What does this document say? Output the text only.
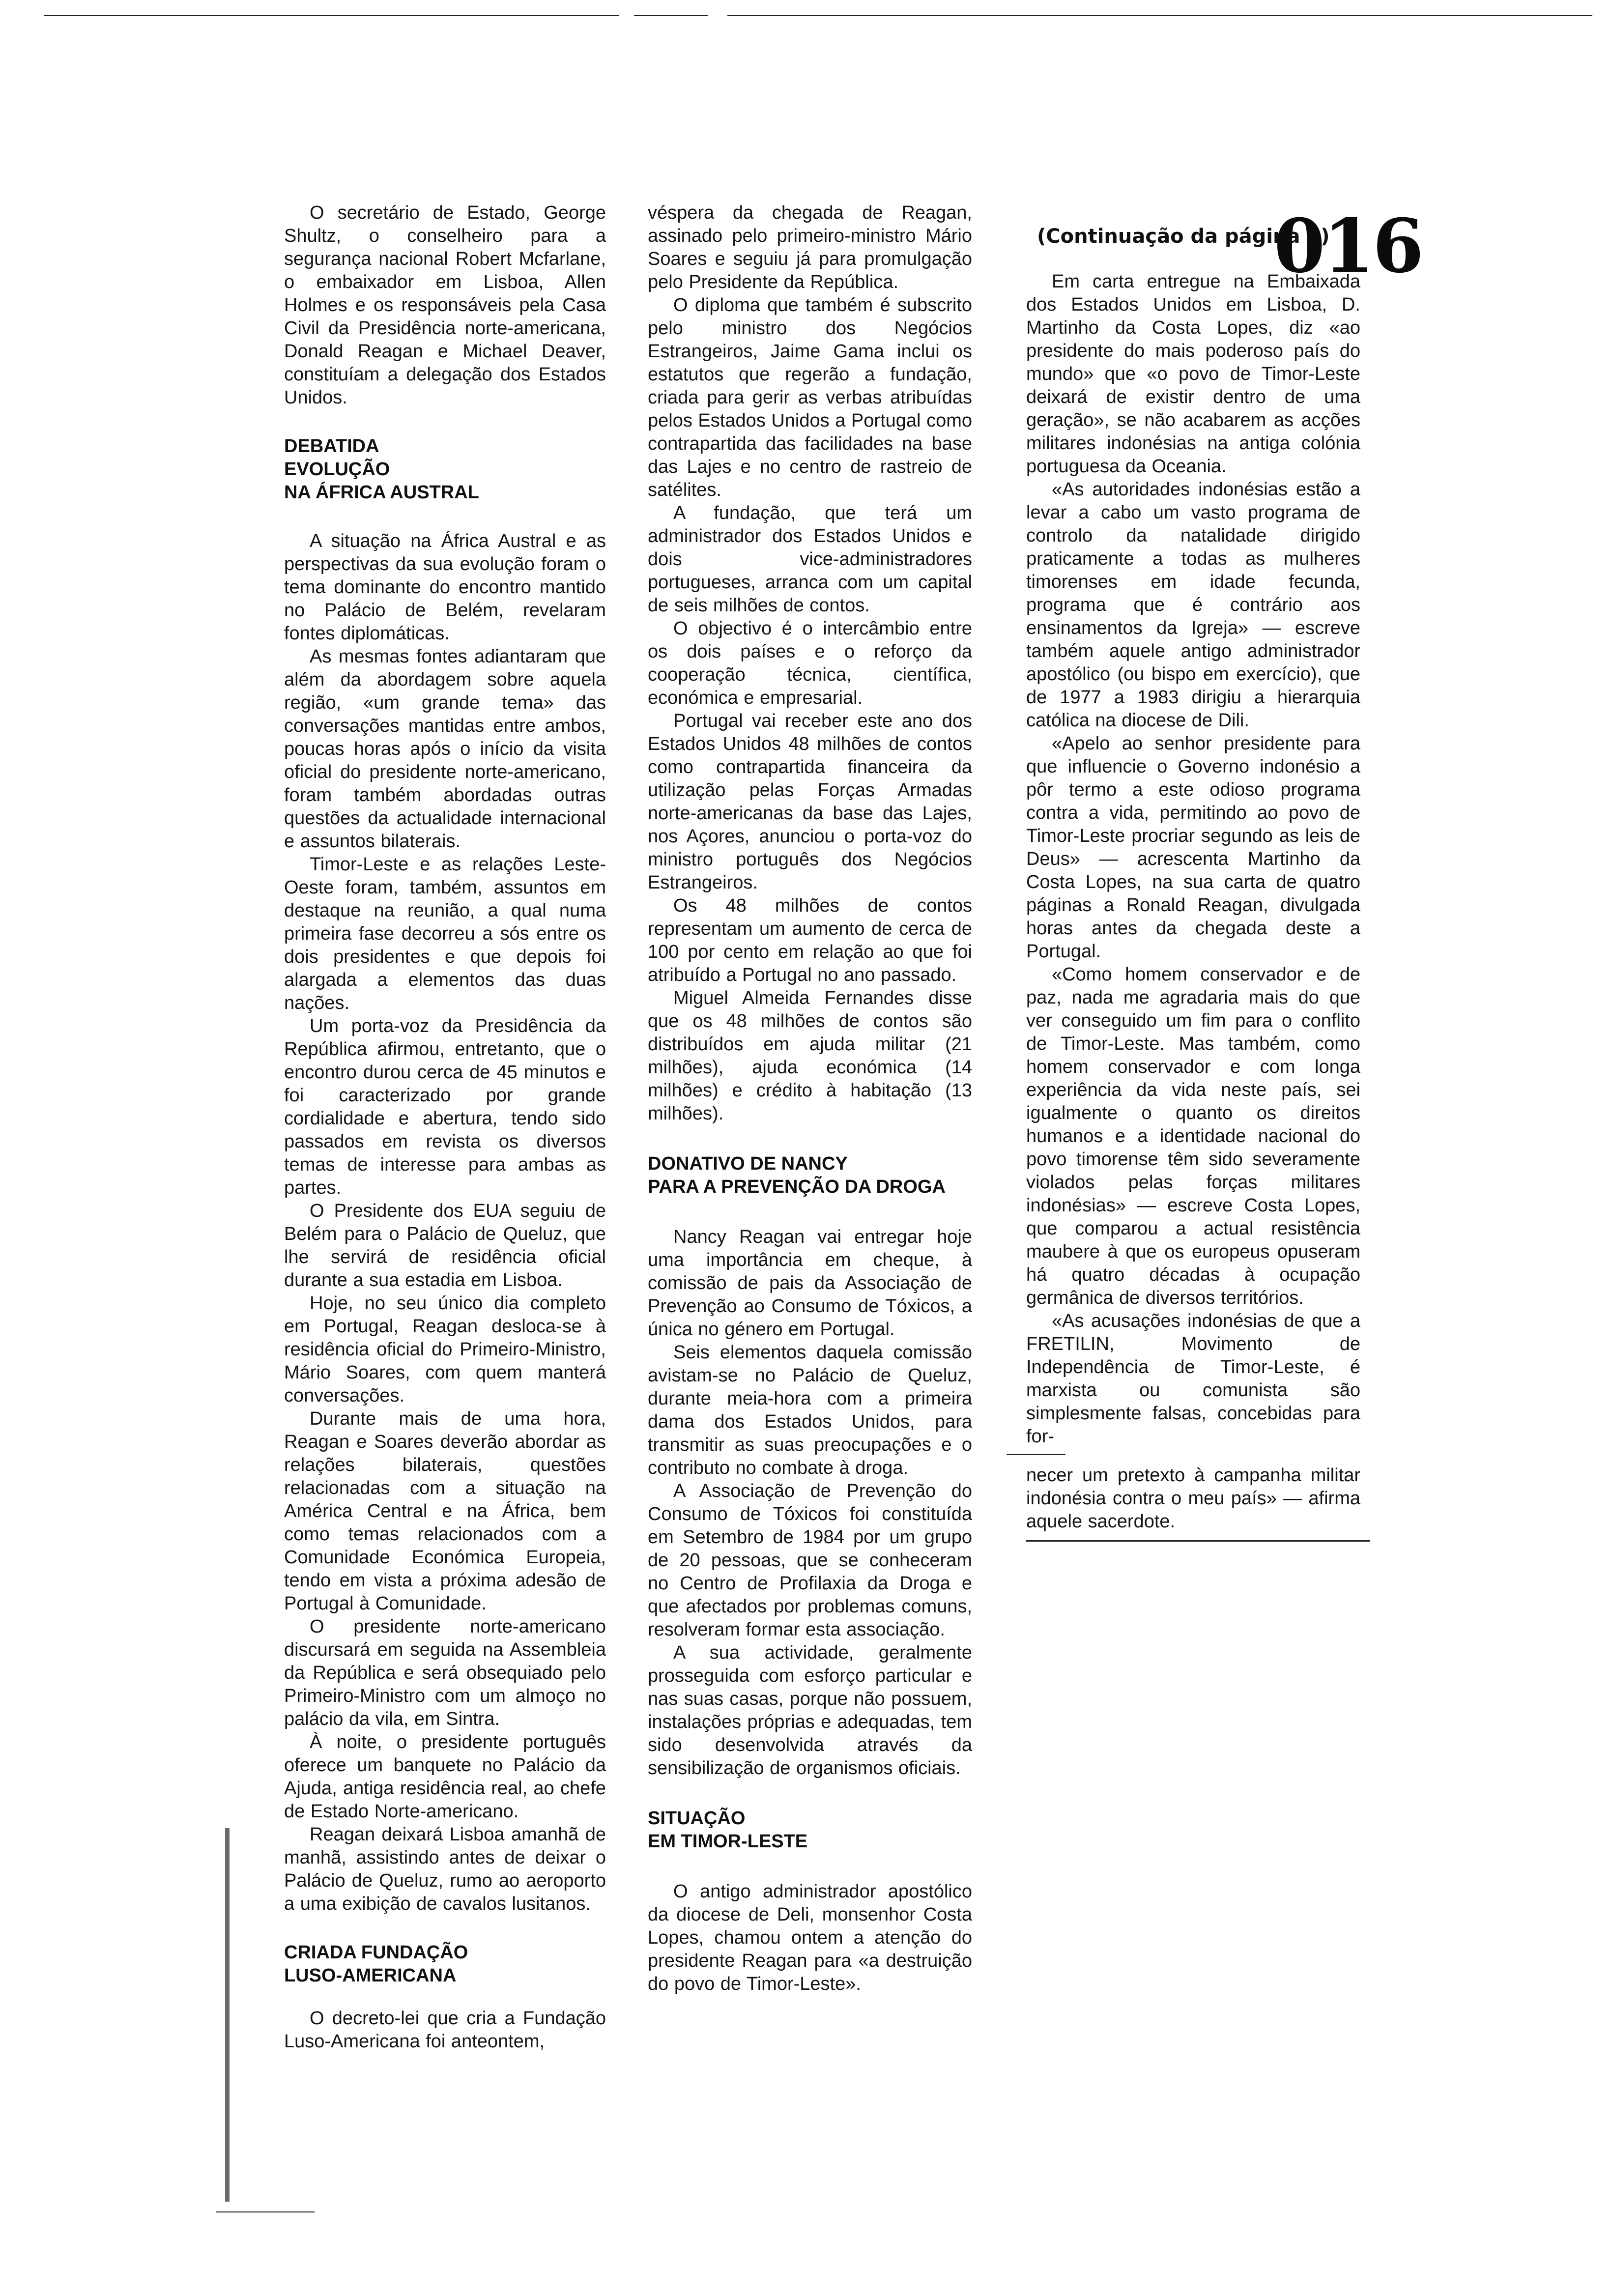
(Continuação da página 2)
016

O secretário de Estado, George Shultz, o conselheiro para a segurança nacional Robert Mcfarlane, o embaixador em Lisboa, Allen Holmes e os responsáveis pela Casa Civil da Presidência norte-americana, Donald Reagan e Michael Deaver, constituíam a delegação dos Estados Unidos.

DEBATIDA

EVOLUÇÃO

NA ÁFRICA AUSTRAL

A situação na África Austral e as perspectivas da sua evolução foram o tema dominante do encontro mantido no Palácio de Belém, revelaram fontes diplomáticas.

As mesmas fontes adiantaram que além da abordagem sobre aquela região, «um grande tema» das conversações mantidas entre ambos, poucas horas após o início da visita oficial do presidente norte-americano, foram também abordadas outras questões da actualidade internacional e assuntos bilaterais.

Timor-Leste e as relações Leste-Oeste foram, também, assuntos em destaque na reunião, a qual numa primeira fase decorreu a sós entre os dois presidentes e que depois foi alargada a elementos das duas nações.

Um porta-voz da Presidência da República afirmou, entretanto, que o encontro durou cerca de 45 minutos e foi caracterizado por grande cordialidade e abertura, tendo sido passados em revista os diversos temas de interesse para ambas as partes.

O Presidente dos EUA seguiu de Belém para o Palácio de Queluz, que lhe servirá de residência oficial durante a sua estadia em Lisboa.

Hoje, no seu único dia completo em Portugal, Reagan desloca-se à residência oficial do Primeiro-Ministro, Mário Soares, com quem manterá conversações.

Durante mais de uma hora, Reagan e Soares deverão abordar as relações bilaterais, questões relacionadas com a situação na América Central e na África, bem como temas relacionados com a Comunidade Económica Europeia, tendo em vista a próxima adesão de Portugal à Comunidade.

O presidente norte-americano discursará em seguida na Assembleia da República e será obsequiado pelo Primeiro-Ministro com um almoço no palácio da vila, em Sintra.

À noite, o presidente português oferece um banquete no Palácio da Ajuda, antiga residência real, ao chefe de Estado Norte-americano.

Reagan deixará Lisboa amanhã de manhã, assistindo antes de deixar o Palácio de Queluz, rumo ao aeroporto a uma exibição de cavalos lusitanos.

CRIADA FUNDAÇÃO

LUSO-AMERICANA

O decreto-lei que cria a Fundação Luso-Americana foi anteontem,

véspera da chegada de Reagan, assinado pelo primeiro-ministro Mário Soares e seguiu já para promulgação pelo Presidente da República.

O diploma que também é subscrito pelo ministro dos Negócios Estrangeiros, Jaime Gama inclui os estatutos que regerão a fundação, criada para gerir as verbas atribuídas pelos Estados Unidos a Portugal como contrapartida das facilidades na base das Lajes e no centro de rastreio de satélites.

A fundação, que terá um administrador dos Estados Unidos e dois vice-administradores portugueses, arranca com um capital de seis milhões de contos.

O objectivo é o intercâmbio entre os dois países e o reforço da cooperação técnica, científica, económica e empresarial.

Portugal vai receber este ano dos Estados Unidos 48 milhões de contos como contrapartida financeira da utilização pelas Forças Armadas norte-americanas da base das Lajes, nos Açores, anunciou o porta-voz do ministro português dos Negócios Estrangeiros.

Os 48 milhões de contos representam um aumento de cerca de 100 por cento em relação ao que foi atribuído a Portugal no ano passado.

Miguel Almeida Fernandes disse que os 48 milhões de contos são distribuídos em ajuda militar (21 milhões), ajuda económica (14 milhões) e crédito à habitação (13 milhões).

DONATIVO DE NANCY

PARA A PREVENÇÃO DA DROGA

Nancy Reagan vai entregar hoje uma importância em cheque, à comissão de pais da Associação de Prevenção ao Consumo de Tóxicos, a única no género em Portugal.

Seis elementos daquela comissão avistam-se no Palácio de Queluz, durante meia-hora com a primeira dama dos Estados Unidos, para transmitir as suas preocupações e o contributo no combate à droga.

A Associação de Prevenção do Consumo de Tóxicos foi constituída em Setembro de 1984 por um grupo de 20 pessoas, que se conheceram no Centro de Profilaxia da Droga e que afectados por problemas comuns, resolveram formar esta associação.

A sua actividade, geralmente prosseguida com esforço particular e nas suas casas, porque não possuem, instalações próprias e adequadas, tem sido desenvolvida através da sensibilização de organismos oficiais.

SITUAÇÃO

EM TIMOR-LESTE

O antigo administrador apostólico da diocese de Deli, monsenhor Costa Lopes, chamou ontem a atenção do presidente Reagan para «a destruição do povo de Timor-Leste».

Em carta entregue na Embaixada dos Estados Unidos em Lisboa, D. Martinho da Costa Lopes, diz «ao presidente do mais poderoso país do mundo» que «o povo de Timor-Leste deixará de existir dentro de uma geração», se não acabarem as acções militares indonésias na antiga colónia portuguesa da Oceania.

«As autoridades indonésias estão a levar a cabo um vasto programa de controlo da natalidade dirigido praticamente a todas as mulheres timorenses em idade fecunda, programa que é contrário aos ensinamentos da Igreja» — escreve também aquele antigo administrador apostólico (ou bispo em exercício), que de 1977 a 1983 dirigiu a hierarquia católica na diocese de Dili.

«Apelo ao senhor presidente para que influencie o Governo indonésio a pôr termo a este odioso programa contra a vida, permitindo ao povo de Timor-Leste procriar segundo as leis de Deus» — acrescenta Martinho da Costa Lopes, na sua carta de quatro páginas a Ronald Reagan, divulgada horas antes da chegada deste a Portugal.

«Como homem conservador e de paz, nada me agradaria mais do que ver conseguido um fim para o conflito de Timor-Leste. Mas também, como homem conservador e com longa experiência da vida neste país, sei igualmente o quanto os direitos humanos e a identidade nacional do povo timorense têm sido severamente violados pelas forças militares indonésias» — escreve Costa Lopes, que comparou a actual resistência maubere à que os europeus opuseram há quatro décadas à ocupação germânica de diversos territórios.

«As acusações indonésias de que a FRETILIN, Movimento de Independência de Timor-Leste, é marxista ou comunista são simplesmente falsas, concebidas para for-

necer um pretexto à campanha militar indonésia contra o meu país» — afirma aquele sacerdote.
